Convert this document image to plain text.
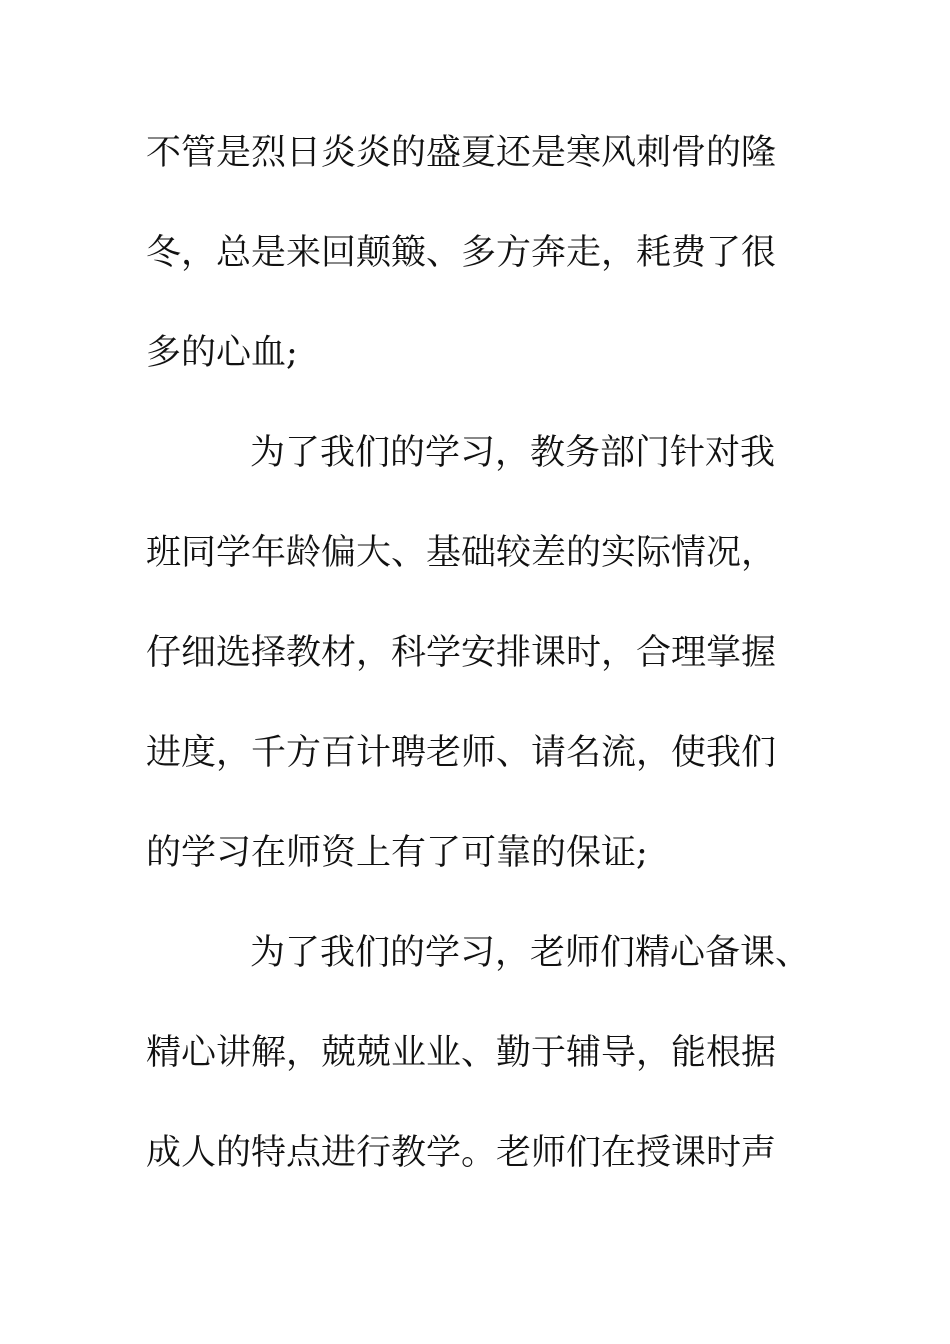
不管是烈日炎炎的盛夏还是寒风刺骨的隆

冬，总是来回颠簸、多方奔走，耗费了很

多的心血;

为了我们的学习，教务部门针对我

班同学年龄偏大、基础较差的实际情况，

仔细选择教材，科学安排课时，合理掌握

进度，千方百计聘老师、请名流，使我们

的学习在师资上有了可靠的保证;

为了我们的学习，老师们精心备课、

精心讲解，兢兢业业、勤于辅导，能根据

成人的特点进行教学。老师们在授课时声
